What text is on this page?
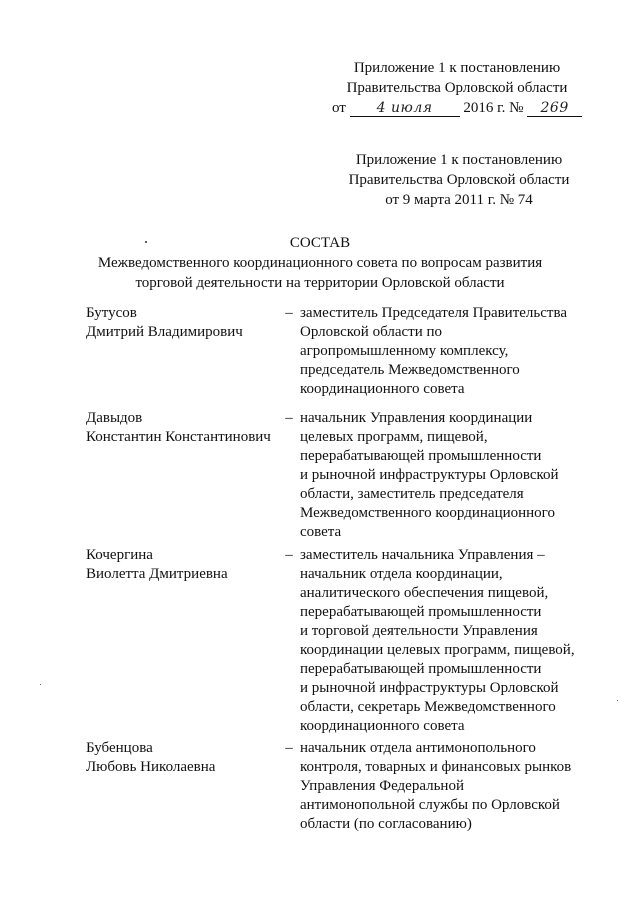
Приложение 1 к постановлению
Правительства Орловской области
от 4 июля 2016 г. № 269
Приложение 1 к постановлению
Правительства Орловской области
от 9 марта 2011 г. № 74
СОСТАВ
Межведомственного координационного совета по вопросам развития
торговой деятельности на территории Орловской области
Бутусов
Дмитрий Владимирович
– заместитель Председателя Правительства
Орловской области по
агропромышленному комплексу,
председатель Межведомственного
координационного совета
Давыдов
Константин Константинович
– начальник Управления координации
целевых программ, пищевой,
перерабатывающей промышленности
и рыночной инфраструктуры Орловской
области, заместитель председателя
Межведомственного координационного
совета
Кочергина
Виолетта Дмитриевна
– заместитель начальника Управления –
начальник отдела координации,
аналитического обеспечения пищевой,
перерабатывающей промышленности
и торговой деятельности Управления
координации целевых программ, пищевой,
перерабатывающей промышленности
и рыночной инфраструктуры Орловской
области, секретарь Межведомственного
координационного совета
Бубенцова
Любовь Николаевна
– начальник отдела антимонопольного
контроля, товарных и финансовых рынков
Управления Федеральной
антимонопольной службы по Орловской
области (по согласованию)
